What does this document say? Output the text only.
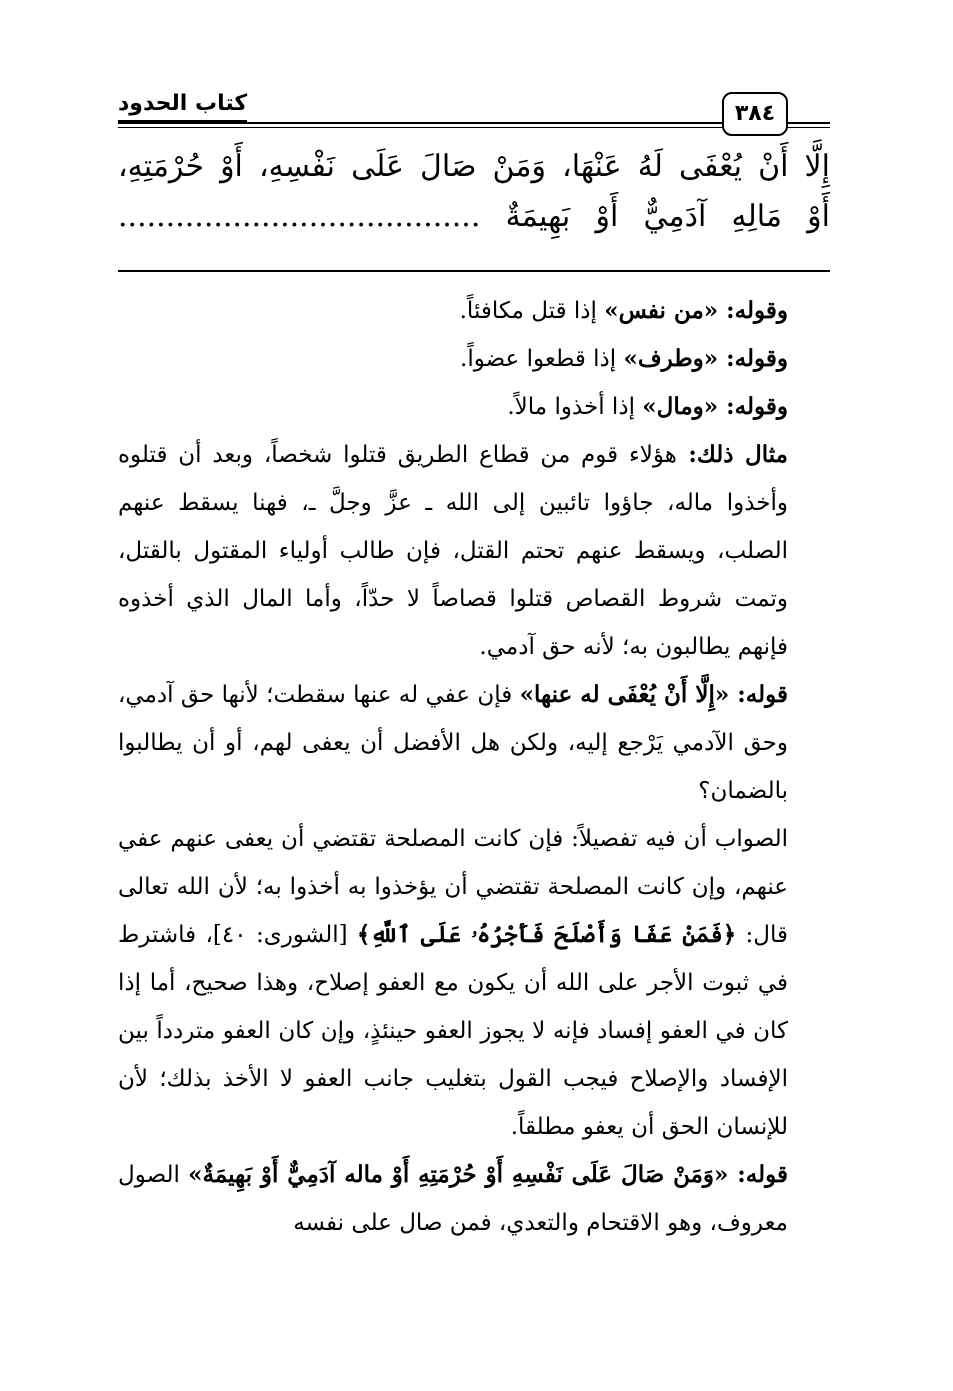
كتاب الحدود	٣٨٤

إِلَّا أَنْ يُعْفَى لَهُ عَنْهَا، وَمَنْ صَالَ عَلَى نَفْسِهِ، أَوْ حُرْمَتِهِ،

أَوْ مَالِهِ آدَمِيٌّ أَوْ بَهِيمَةٌ ......................................

وقوله: «من نفس» إذا قتل مكافئاً.

وقوله: «وطرف» إذا قطعوا عضواً.

وقوله: «ومال» إذا أخذوا مالاً.

مثال ذلك: هؤلاء قوم من قطاع الطريق قتلوا شخصاً، وبعد أن قتلوه وأخذوا ماله، جاؤوا تائبين إلى الله ـ عزَّ وجلَّ ـ، فهنا يسقط عنهم الصلب، ويسقط عنهم تحتم القتل، فإن طالب أولياء المقتول بالقتل، وتمت شروط القصاص قتلوا قصاصاً لا حدّاً، وأما المال الذي أخذوه فإنهم يطالبون به؛ لأنه حق آدمي.

قوله: «إِلَّا أَنْ يُعْفَى له عنها» فإن عفي له عنها سقطت؛ لأنها حق آدمي، وحق الآدمي يَرْجع إليه، ولكن هل الأفضل أن يعفى لهم، أو أن يطالبوا بالضمان؟

الصواب أن فيه تفصيلاً: فإن كانت المصلحة تقتضي أن يعفى عنهم عفي عنهم، وإن كانت المصلحة تقتضي أن يؤخذوا به أخذوا به؛ لأن الله تعالى قال: ﴿فَمَنْ عَفَا وَأَصْلَحَ فَأَجْرُهُۥ عَلَى ٱللَّهِ﴾ [الشورى: ٤٠]، فاشترط في ثبوت الأجر على الله أن يكون مع العفو إصلاح، وهذا صحيح، أما إذا كان في العفو إفساد فإنه لا يجوز العفو حينئذٍ، وإن كان العفو متردداً بين الإفساد والإصلاح فيجب القول بتغليب جانب العفو لا الأخذ بذلك؛ لأن للإنسان الحق أن يعفو مطلقاً.

قوله: «وَمَنْ صَالَ عَلَى نَفْسِهِ أَوْ حُرْمَتِهِ أَوْ ماله آدَمِيٌّ أَوْ بَهِيمَةٌ» الصول معروف، وهو الاقتحام والتعدي، فمن صال على نفسه
